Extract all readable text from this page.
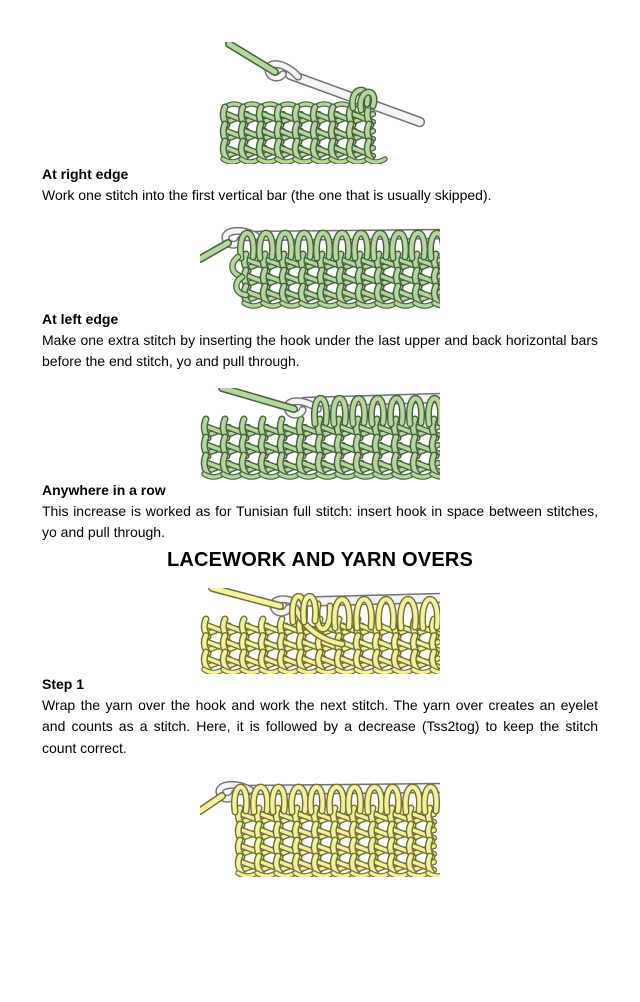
At right edge

Work one stitch into the first vertical bar (the one that is usually skipped).

At left edge

Make one extra stitch by inserting the hook under the last upper and back horizontal bars before the end stitch, yo and pull through.

Anywhere in a row

This increase is worked as for Tunisian full stitch: insert hook in space between stitches, yo and pull through.

LACEWORK AND YARN OVERS
Step 1

Wrap the yarn over the hook and work the next stitch. The yarn over creates an eyelet and counts as a stitch. Here, it is followed by a decrease (Tss2tog) to keep the stitch count correct.
